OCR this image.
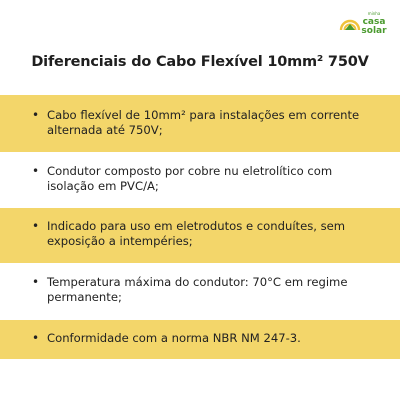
minha
casa
solar
Diferenciais do Cabo Flexível 10mm² 750V
• Cabo flexível de 10mm² para instalações em corrente alternada até 750V;
• Condutor composto por cobre nu eletrolítico com isolação em PVC/A;
• Indicado para uso em eletrodutos e conduítes, sem exposição a intempéries;
• Temperatura máxima do condutor: 70°C em regime permanente;
• Conformidade com a norma NBR NM 247-3.
